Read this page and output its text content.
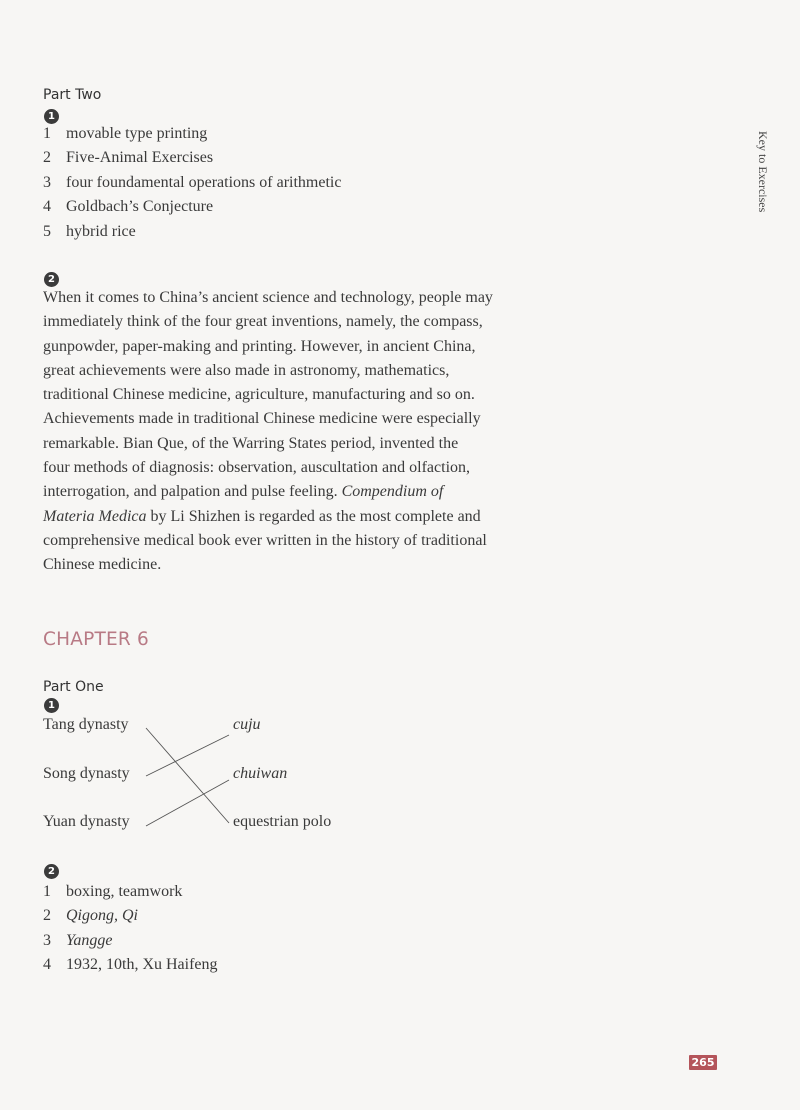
Key to Exercises
Part Two
1
1 movable type printing
2 Five-Animal Exercises
3 four foundamental operations of arithmetic
4 Goldbach’s Conjecture
5 hybrid rice
2

When it comes to China’s ancient science and technology, people may
immediately think of the four great inventions, namely, the compass,
gunpowder, paper-making and printing. However, in ancient China,
great achievements were also made in astronomy, mathematics,
traditional Chinese medicine, agriculture, manufacturing and so on.
Achievements made in traditional Chinese medicine were especially
remarkable. Bian Que, of the Warring States period, invented the
four methods of diagnosis: observation, auscultation and olfaction,
interrogation, and palpation and pulse feeling. Compendium of
Materia Medica by Li Shizhen is regarded as the most complete and
comprehensive medical book ever written in the history of traditional
Chinese medicine.

CHAPTER 6
Part One
1
Tang dynasty
Song dynasty
Yuan dynasty
cuju
chuiwan
equestrian polo
2
1 boxing, teamwork
2 Qigong, Qi
3 Yangge
4 1932, 10th, Xu Haifeng
265
